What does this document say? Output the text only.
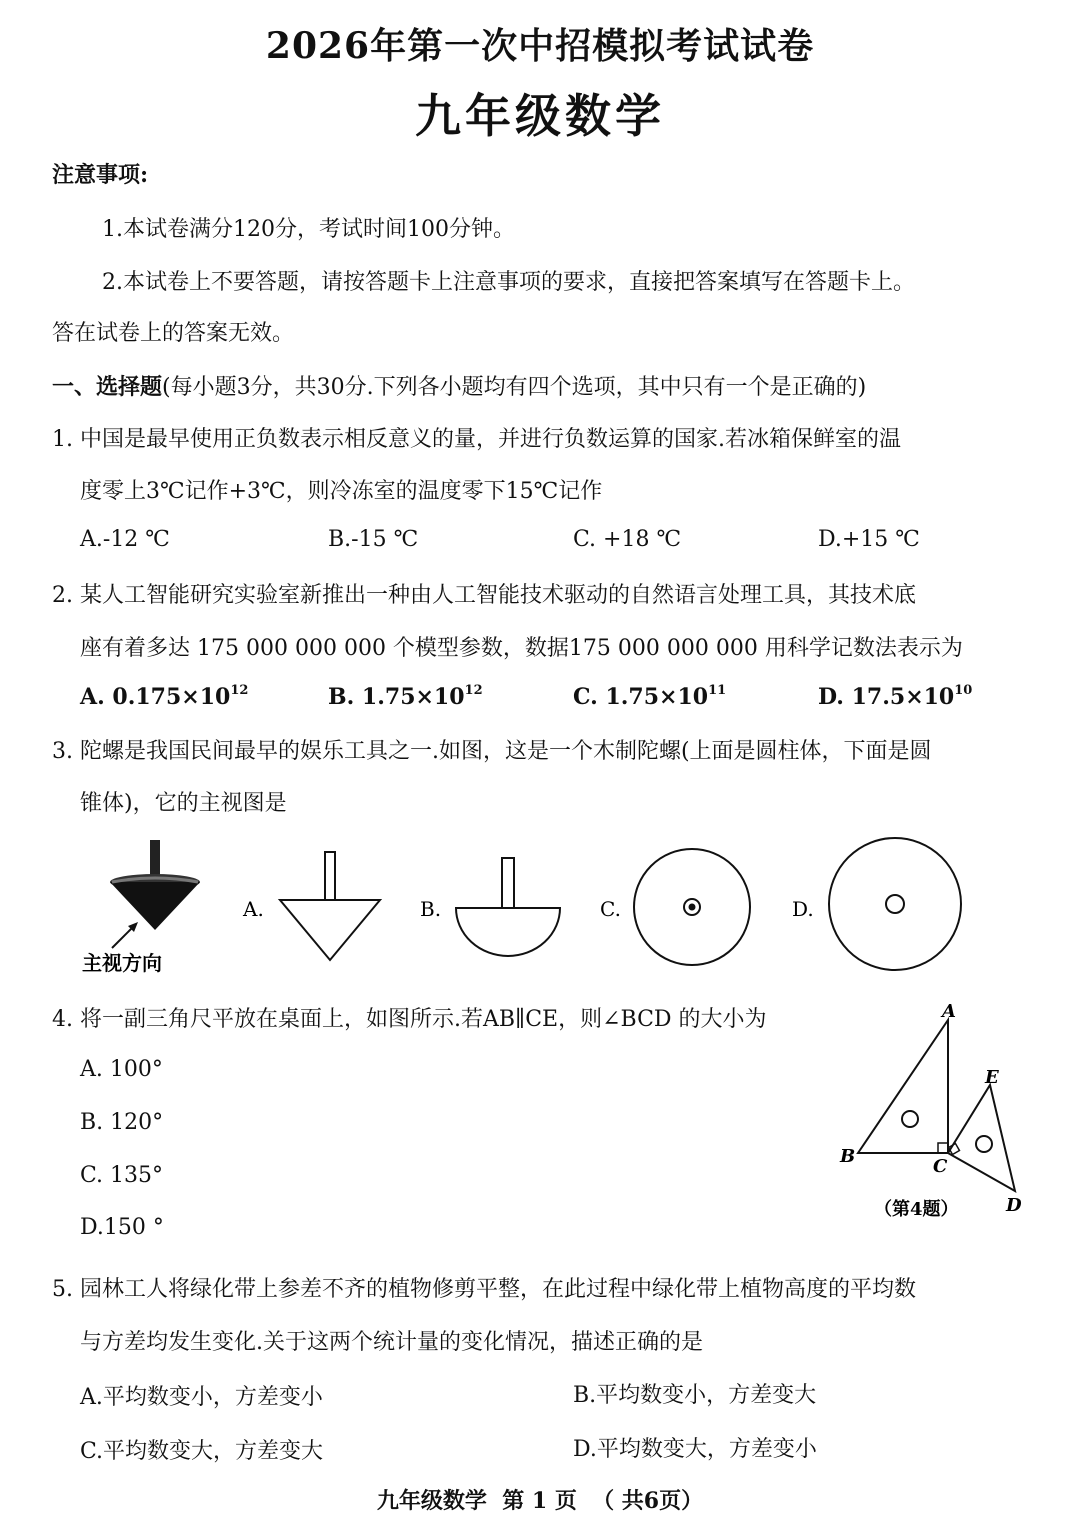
2026年第一次中招模拟考试试卷
九年级数学
注意事项:
1.本试卷满分120分，考试时间100分钟。
2.本试卷上不要答题，请按答题卡上注意事项的要求，直接把答案填写在答题卡上。
答在试卷上的答案无效。
一、选择题(每小题3分，共30分.下列各小题均有四个选项，其中只有一个是正确的)
1. 中国是最早使用正负数表示相反意义的量，并进行负数运算的国家.若冰箱保鲜室的温
度零上3℃记作+3℃，则冷冻室的温度零下15℃记作
A.-12 ℃	B.-15 ℃	C. +18 ℃	D.+15 ℃
2. 某人工智能研究实验室新推出一种由人工智能技术驱动的自然语言处理工具，其技术底
座有着多达 175 000 000 000 个模型参数，数据175 000 000 000 用科学记数法表示为
A. $0.175\times 10^{12}$	B. $1.75\times 10^{12}$	C. $1.75\times 10^{11}$	D. $17.5\times 10^{10}$
3. 陀螺是我国民间最早的娱乐工具之一.如图，这是一个木制陀螺(上面是圆柱体，下面是圆
锥体)，它的主视图是
主视方向
A.	B.	C.	D.
4. 将一副三角尺平放在桌面上，如图所示.若AB∥CE，则∠BCD 的大小为
A. 100°
B. 120°
C. 135°
D.150 °
A
B	C
D
E
（第4题）
5. 园林工人将绿化带上参差不齐的植物修剪平整，在此过程中绿化带上植物高度的平均数
与方差均发生变化.关于这两个统计量的变化情况，描述正确的是
A.平均数变小，方差变小	B.平均数变小，方差变大
C.平均数变大，方差变大	D.平均数变大，方差变小
九年级数学  第 1 页  （ 共6页）
